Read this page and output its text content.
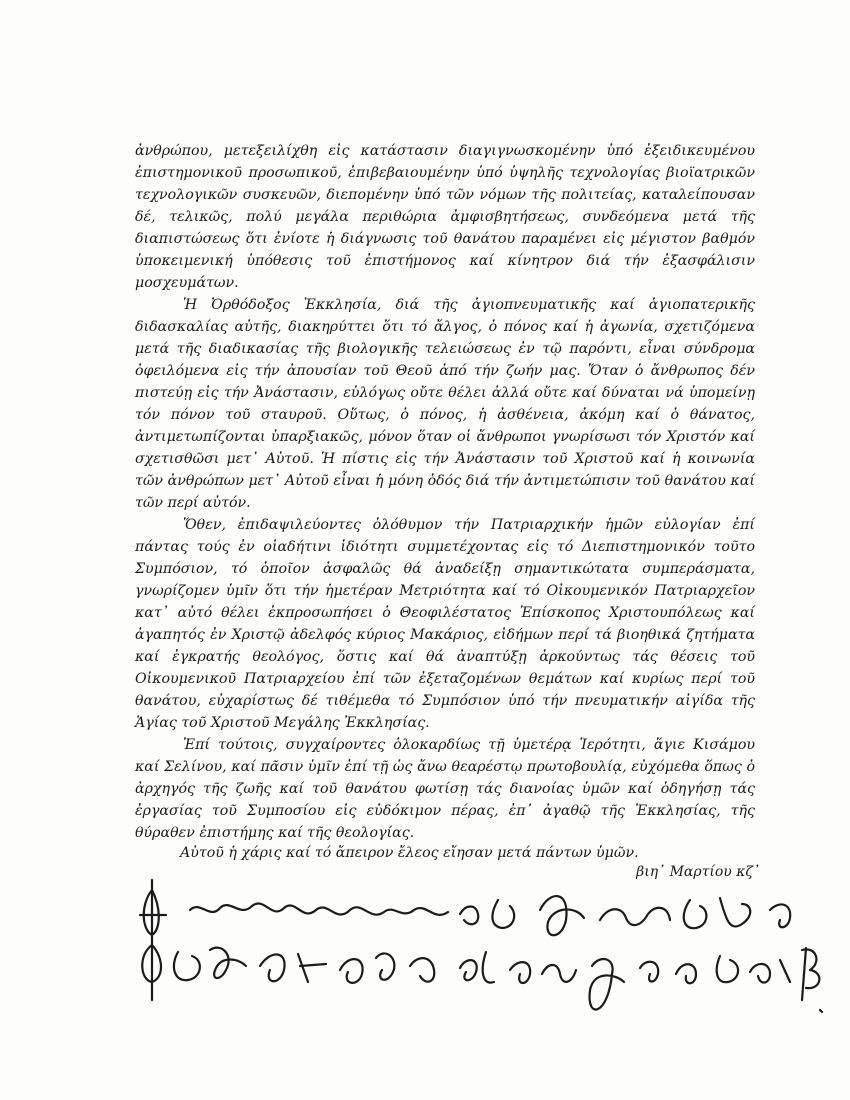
ἀνθρώπου, μετεξειλίχθη εἰς κατάστασιν διαγιγνωσκομένην ὑπό ἐξειδικευμένου ἐπιστημονικοῦ προσωπικοῦ, ἐπιβεβαιουμένην ὑπό ὑψηλῆς τεχνολογίας βιοϊατρικῶν τεχνολογικῶν συσκευῶν, διεπομένην ὑπό τῶν νόμων τῆς πολιτείας, καταλείπουσαν δέ, τελικῶς, πολύ μεγάλα περιθώρια ἀμφισβητήσεως, συνδεόμενα μετά τῆς διαπιστώσεως ὅτι ἐνίοτε ἡ διάγνωσις τοῦ θανάτου παραμένει εἰς μέγιστον βαθμόν ὑποκειμενική ὑπόθεσις τοῦ ἐπιστήμονος καί κίνητρον διά τήν ἐξασφάλισιν μοσχευμάτων.

Ἡ Ὀρθόδοξος Ἐκκλησία, διά τῆς ἁγιοπνευματικῆς καί ἁγιοπατερικῆς διδασκαλίας αὐτῆς, διακηρύττει ὅτι τό ἄλγος, ὁ πόνος καί ἡ ἀγωνία, σχετιζόμενα μετά τῆς διαδικασίας τῆς βιολογικῆς τελειώσεως ἐν τῷ παρόντι, εἶναι σύνδρομα ὀφειλόμενα εἰς τήν ἀπουσίαν τοῦ Θεοῦ ἀπό τήν ζωήν μας. Ὅταν ὁ ἄνθρωπος δέν πιστεύῃ εἰς τήν Ἀνάστασιν, εὐλόγως οὔτε θέλει ἀλλά οὔτε καί δύναται νά ὑπομείνῃ τόν πόνον τοῦ σταυροῦ. Οὕτως, ὁ πόνος, ἡ ἀσθένεια, ἀκόμη καί ὁ θάνατος, ἀντιμετωπίζονται ὑπαρξιακῶς, μόνον ὅταν οἱ ἄνθρωποι γνωρίσωσι τόν Χριστόν καί σχετισθῶσι μετ᾽ Αὐτοῦ. Ἡ πίστις εἰς τήν Ἀνάστασιν τοῦ Χριστοῦ καί ἡ κοινωνία τῶν ἀνθρώπων μετ᾽ Αὐτοῦ εἶναι ἡ μόνη ὁδός διά τήν ἀντιμετώπισιν τοῦ θανάτου καί τῶν περί αὐτόν.

Ὅθεν, ἐπιδαψιλεύοντες ὁλόθυμον τήν Πατριαρχικήν ἡμῶν εὐλογίαν ἐπί πάντας τούς ἐν οἱαδήτινι ἰδιότητι συμμετέχοντας εἰς τό Διεπιστημονικόν τοῦτο Συμπόσιον, τό ὁποῖον ἀσφαλῶς θά ἀναδείξῃ σημαντικώτατα συμπεράσματα, γνωρίζομεν ὑμῖν ὅτι τήν ἡμετέραν Μετριότητα καί τό Οἰκουμενικόν Πατριαρχεῖον κατ᾽ αὐτό θέλει ἐκπροσωπήσει ὁ Θεοφιλέστατος Ἐπίσκοπος Χριστουπόλεως καί ἀγαπητός ἐν Χριστῷ ἀδελφός κύριος Μακάριος, εἰδήμων περί τά βιοηθικά ζητήματα καί ἐγκρατής θεολόγος, ὅστις καί θά ἀναπτύξῃ ἀρκούντως τάς θέσεις τοῦ Οἰκουμενικοῦ Πατριαρχείου ἐπί τῶν ἐξεταζομένων θεμάτων καί κυρίως περί τοῦ θανάτου, εὐχαρίστως δέ τιθέμεθα τό Συμπόσιον ὑπό τήν πνευματικήν αἰγίδα τῆς Ἁγίας τοῦ Χριστοῦ Μεγάλης Ἐκκλησίας.

Ἐπί τούτοις, συγχαίροντες ὁλοκαρδίως τῇ ὑμετέρᾳ Ἱερότητι, ἅγιε Κισάμου καί Σελίνου, καί πᾶσιν ὑμῖν ἐπί τῇ ὡς ἄνω θεαρέστῳ πρωτοβουλίᾳ, εὐχόμεθα ὅπως ὁ ἀρχηγός τῆς ζωῆς καί τοῦ θανάτου φωτίσῃ τάς διανοίας ὑμῶν καί ὁδηγήσῃ τάς ἐργασίας τοῦ Συμποσίου εἰς εὐδόκιμον πέρας, ἐπ᾽ ἀγαθῷ τῆς Ἐκκλησίας, τῆς θύραθεν ἐπιστήμης καί τῆς θεολογίας.

Αὐτοῦ ἡ χάρις καί τό ἄπειρον ἔλεος εἴησαν μετά πάντων ὑμῶν.
βιη᾽ Μαρτίου κζ᾽
